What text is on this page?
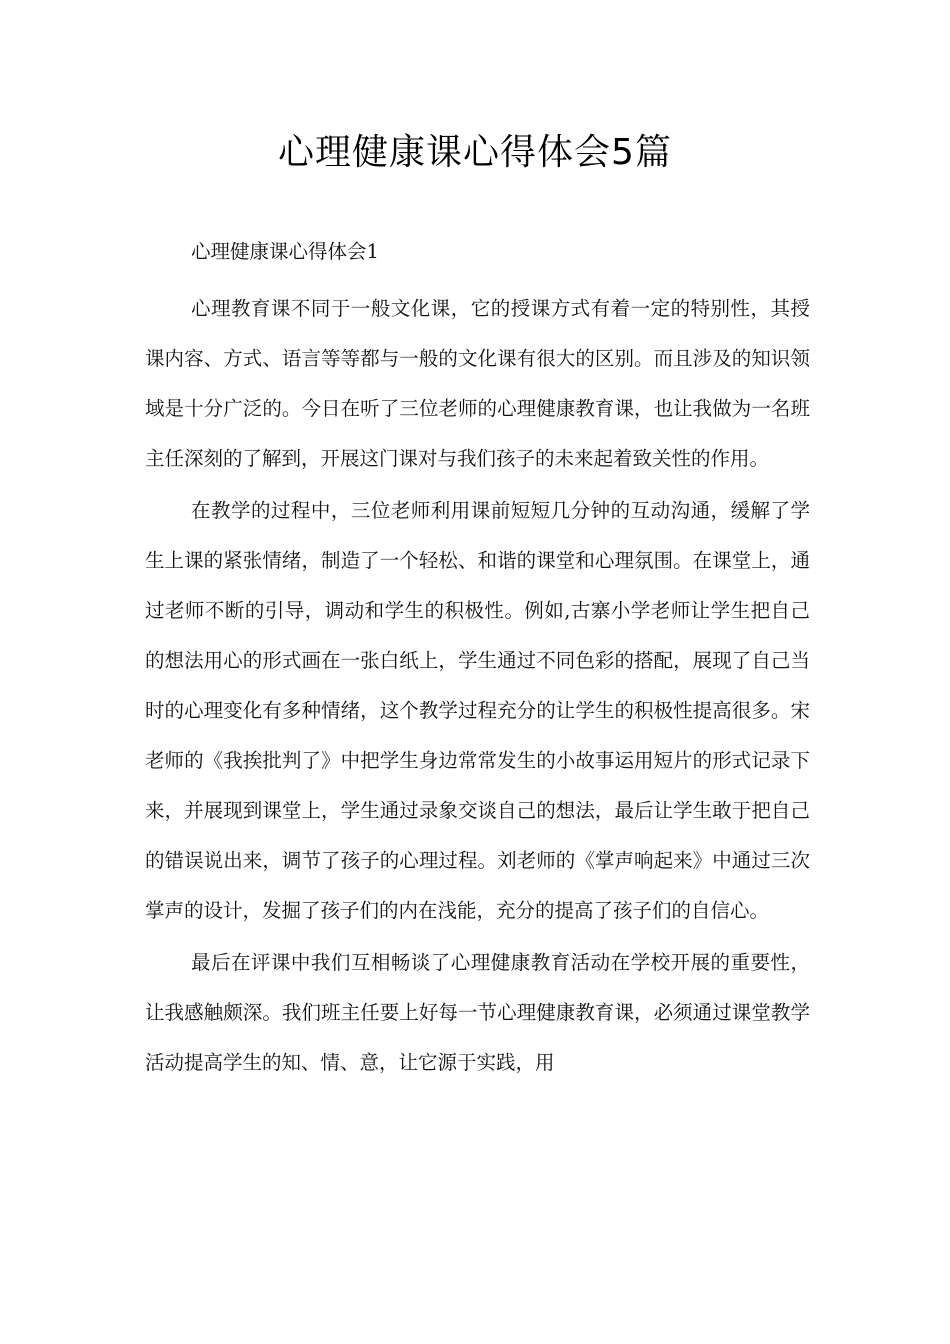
心理健康课心得体会5篇

心理健康课心得体会1

心理教育课不同于一般文化课，它的授课方式有着一定的特别性，其授课内容、方式、语言等等都与一般的文化课有很大的区别。而且涉及的知识领域是十分广泛的。今日在听了三位老师的心理健康教育课，也让我做为一名班主任深刻的了解到，开展这门课对与我们孩子的未来起着致关性的作用。

在教学的过程中，三位老师利用课前短短几分钟的互动沟通，缓解了学生上课的紧张情绪，制造了一个轻松、和谐的课堂和心理氛围。在课堂上，通过老师不断的引导，调动和学生的积极性。例如,古寨小学老师让学生把自己的想法用心的形式画在一张白纸上，学生通过不同色彩的搭配，展现了自己当时的心理变化有多种情绪，这个教学过程充分的让学生的积极性提高很多。宋老师的《我挨批判了》中把学生身边常常发生的小故事运用短片的形式记录下来，并展现到课堂上，学生通过录象交谈自己的想法，最后让学生敢于把自己的错误说出来，调节了孩子的心理过程。刘老师的《掌声响起来》中通过三次掌声的设计，发掘了孩子们的内在浅能，充分的提高了孩子们的自信心。

最后在评课中我们互相畅谈了心理健康教育活动在学校开展的重要性，让我感触颇深。我们班主任要上好每一节心理健康教育课，必须通过课堂教学活动提高学生的知、情、意，让它源于实践，用
